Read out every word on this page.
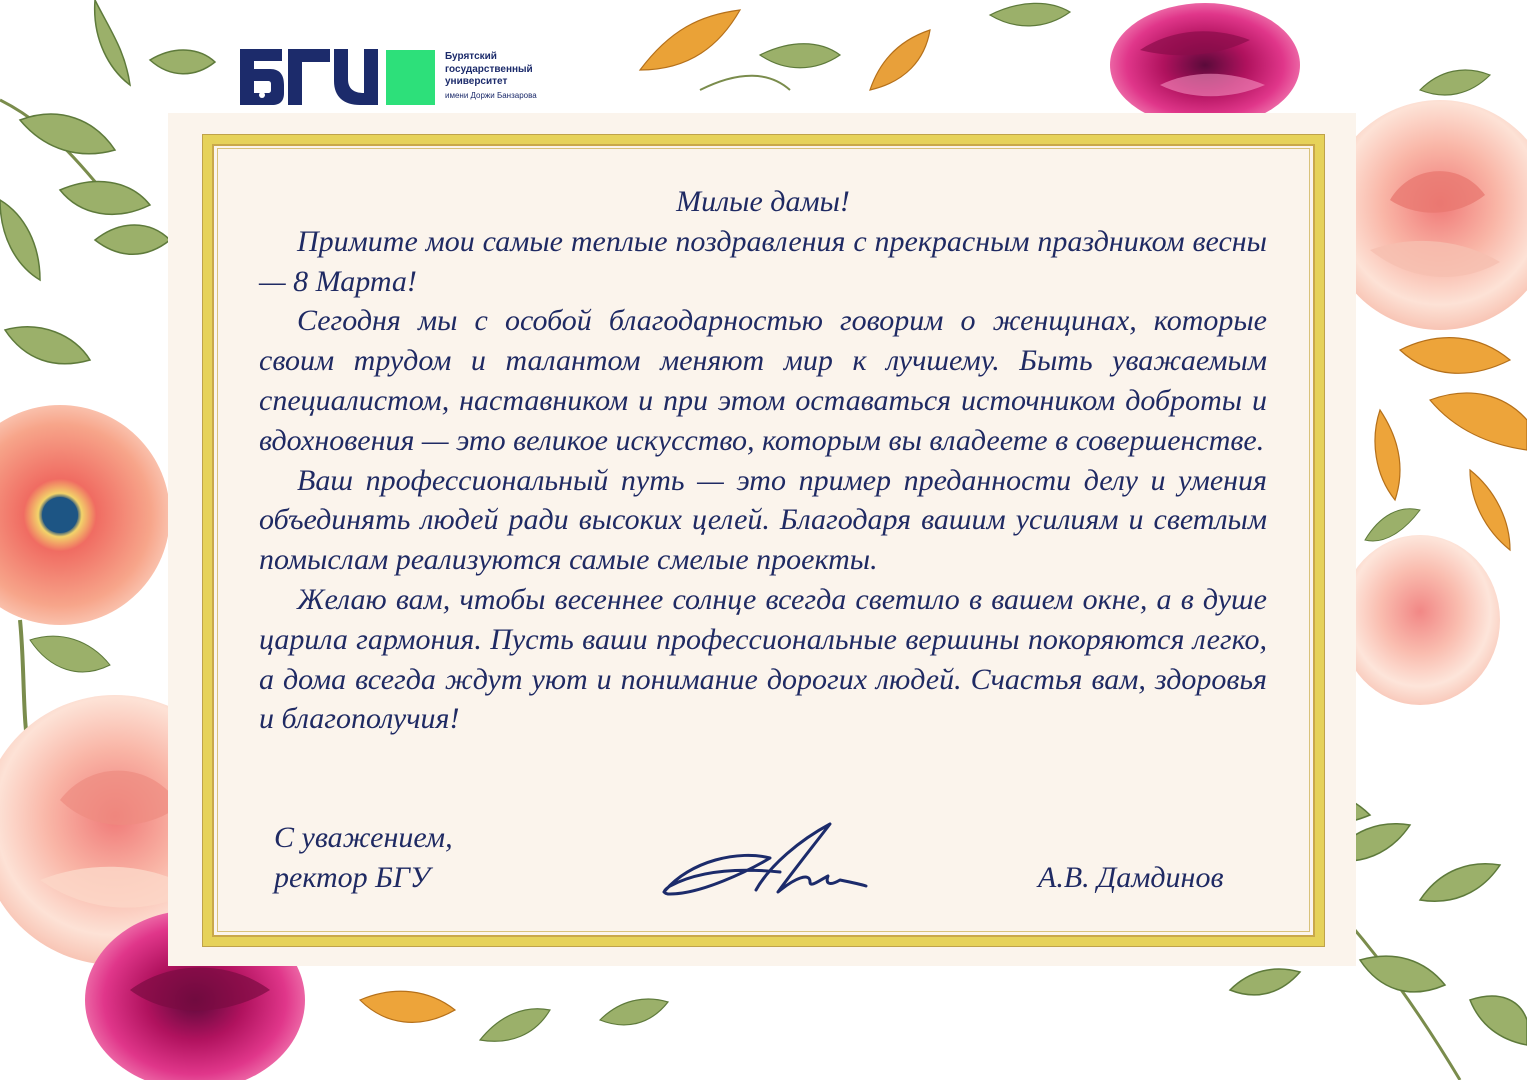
Бурятский
государственный
университет
имени Доржи Банзарова

Милые дамы!

Примите мои самые теплые поздравления с прекрасным праздником весны — 8 Марта!

Сегодня мы с особой благодарностью говорим о женщинах, которые своим трудом и талантом меняют мир к лучшему. Быть уважаемым специалистом, наставником и при этом оставаться источником доброты и вдохновения — это великое искусство, которым вы владеете в совершенстве.

Ваш профессиональный путь — это пример преданности делу и умения объединять людей ради высоких целей. Благодаря вашим усилиям и светлым помыслам реализуются самые смелые проекты.

Желаю вам, чтобы весеннее солнце всегда светило в вашем окне, а в душе царила гармония. Пусть ваши профессиональные вершины покоряются легко, а дома всегда ждут уют и понимание дорогих людей. Счастья вам, здоровья и благополучия!

С уважением,
ректор БГУ	А.В. Дамдинов
